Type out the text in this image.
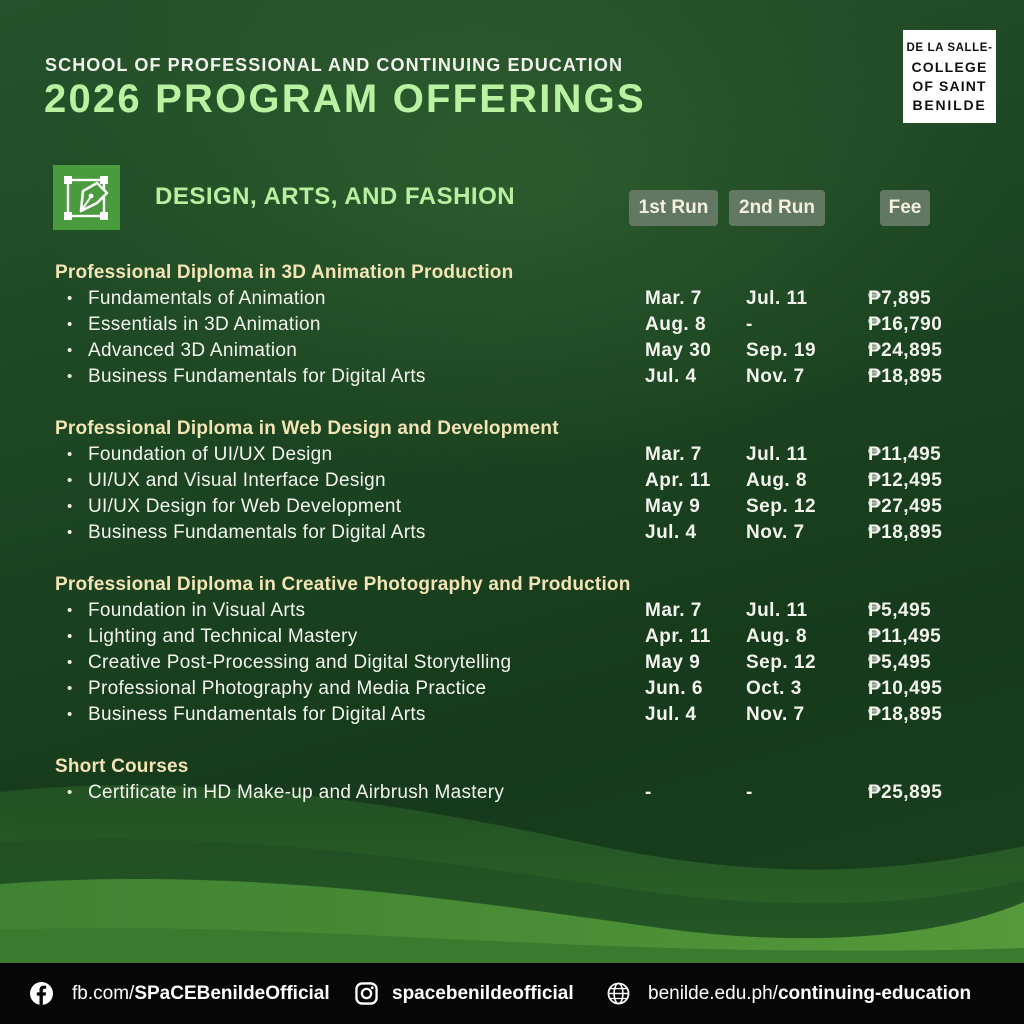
SCHOOL OF PROFESSIONAL AND CONTINUING EDUCATION
2026 PROGRAM OFFERINGS
DE LA SALLE-
COLLEGE
OF SAINT
BENILDE
DESIGN, ARTS, AND FASHION	1st Run	2nd Run	Fee
Professional Diploma in 3D Animation Production
•
Fundamentals of Animation	Mar. 7 Jul. 11	₱7,895
•
Essentials in 3D Animation	Aug. 8 -	₱16,790
•
Advanced 3D Animation	May 30 Sep. 19	₱24,895
•
Business Fundamentals for Digital Arts	Jul. 4	Nov. 7	₱18,895
Professional Diploma in Web Design and Development
•
Foundation of UI/UX Design	Mar. 7 Jul. 11	₱11,495
•
UI/UX and Visual Interface Design	Apr. 11 Aug. 8	₱12,495
•
UI/UX Design for Web Development	May 9 Sep. 12	₱27,495
•
Business Fundamentals for Digital Arts	Jul. 4	Nov. 7	₱18,895
Professional Diploma in Creative Photography and Production
•
Foundation in Visual Arts	Mar. 7 Jul. 11	₱5,495
•
Lighting and Technical Mastery	Apr. 11 Aug. 8	₱11,495
•
Creative Post-Processing and Digital Storytelling	May 9 Sep. 12	₱5,495
•
Professional Photography and Media Practice	Jun. 6 Oct. 3	₱10,495
•
Business Fundamentals for Digital Arts	Jul. 4	Nov. 7	₱18,895
Short Courses
•
Certificate in HD Make-up and Airbrush Mastery	-	-	₱25,895
fb.com/SPaCEBenildeOfficial	spacebenildeofficial	benilde.edu.ph/continuing-education
